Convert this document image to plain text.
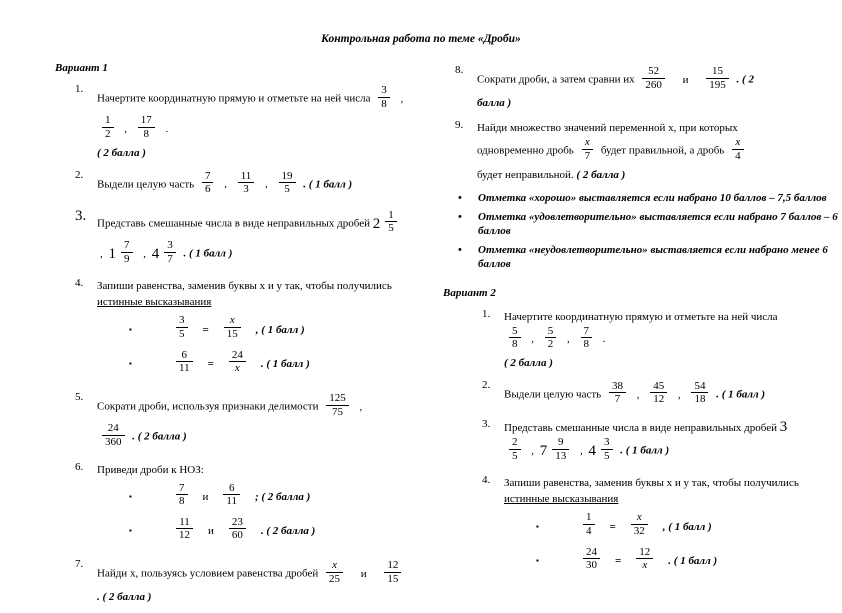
Контрольная работа по теме «Дроби»
Вариант 1
1.
Начертите координатную прямую и отметьте на ней числа $\frac{3}{8}$ ,
$\frac{1}{2}$ , $\frac{17}{8}$ .
( 2 балла )
2.
Выдели целую часть $\frac{7}{6}$ , $\frac{11}{3}$ , $\frac{19}{5}$ . ( 1 балл )
3. Представь смешанные числа в виде неправильных дробей $2 \frac{1}{5}$
, $1 \frac{7}{9}$ , $4 \frac{3}{7}$ . ( 1 балл )
4.	Запиши равенства, заменив буквы x и y так, чтобы получились
истинные высказывания
▪	$\frac{3}{5} = \frac{x}{15}$ , ( 1 балл )
▪	$\frac{6}{11} = \frac{24}{x}$ . ( 1 балл )
5.
Сократи дроби, используя признаки делимости $\frac{125}{75}$ ,
$\frac{24}{360}$ . ( 2 балла )
6.	Приведи дроби к НОЗ:
▪	$\frac{7}{8}$ и $\frac{6}{11}$ ; ( 2 балла )
▪	$\frac{11}{12}$ и $\frac{23}{60}$ . ( 2 балла )
7.
Найди x, пользуясь условием равенства дробей $\frac{x}{25}$ и $\frac{12}{15}$
. ( 2 балла )
8.
Сократи дроби, а затем сравни их $\frac{52}{260}$ и $\frac{15}{195}$ . ( 2
балла )
9.	Найди множество значений переменной x, при которых
одновременно дробь $\frac{x}{7}$ будет правильной, а дробь $\frac{x}{4}$
будет неправильной. ( 2 балла )
•	Отметка «хорошо» выставляется если набрано 10 баллов – 7,5 баллов
•	Отметка «удовлетворительно» выставляется если набрано 7 баллов – 6 баллов
•	Отметка «неудовлетворительно» выставляется если набрано менее 6 баллов
Вариант 2
1.	Начертите координатную прямую и отметьте на ней числа
$\frac{5}{8}$ , $\frac{5}{2}$ , $\frac{7}{8}$ .
( 2 балла )
2.
Выдели целую часть $\frac{38}{7}$ , $\frac{45}{12}$ , $\frac{54}{18}$ . ( 1 балл )
3.	Представь смешанные числа в виде неправильных дробей 3
$\frac{2}{5}$ , $7 \frac{9}{13}$ , $4 \frac{3}{5}$ . ( 1 балл )
4.	Запиши равенства, заменив буквы x и y так, чтобы получились
истинные высказывания
▪	$\frac{1}{4} = \frac{x}{32}$ , ( 1 балл )
▪	$\frac{24}{30} = \frac{12}{x}$ . ( 1 балл )
